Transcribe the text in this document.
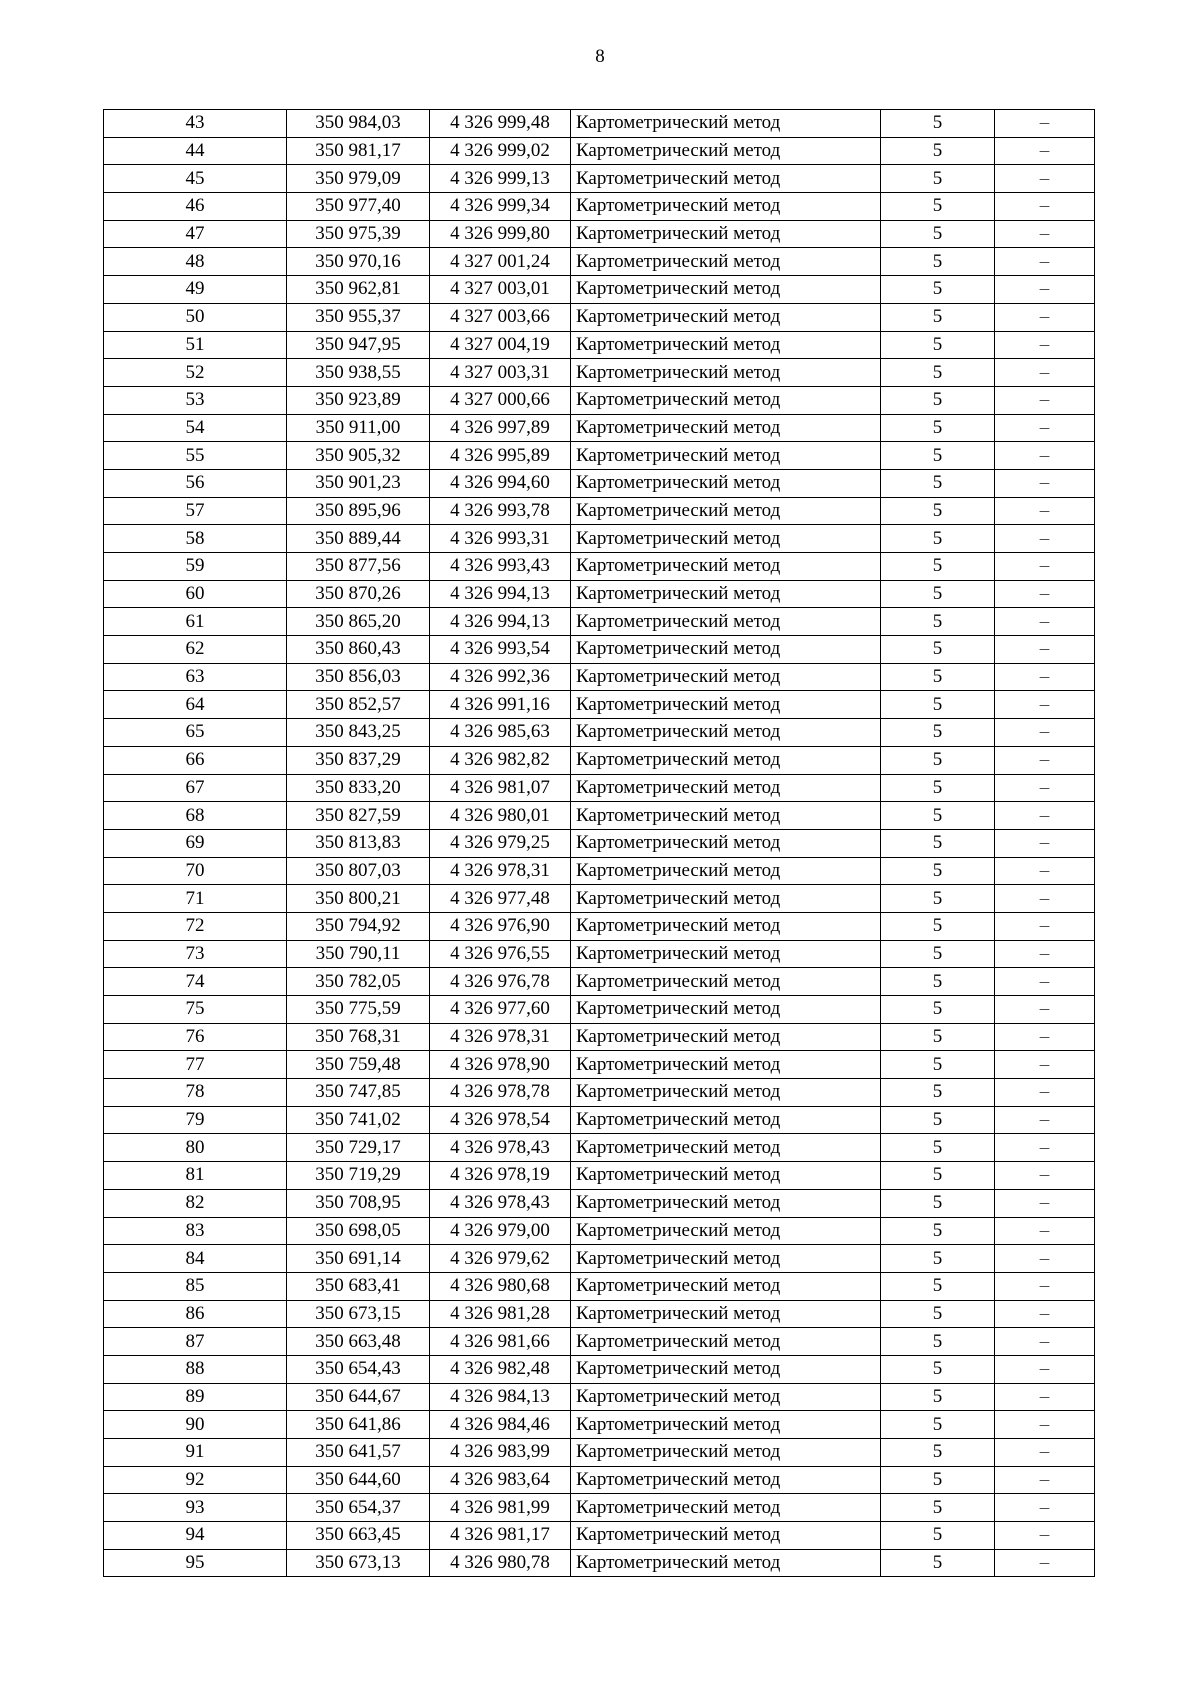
8
43	350 984,03	4 326 999,48	Картометрический метод	5	–
44	350 981,17	4 326 999,02	Картометрический метод	5	–
45	350 979,09	4 326 999,13	Картометрический метод	5	–
46	350 977,40	4 326 999,34	Картометрический метод	5	–
47	350 975,39	4 326 999,80	Картометрический метод	5	–
48	350 970,16	4 327 001,24	Картометрический метод	5	–
49	350 962,81	4 327 003,01	Картометрический метод	5	–
50	350 955,37	4 327 003,66	Картометрический метод	5	–
51	350 947,95	4 327 004,19	Картометрический метод	5	–
52	350 938,55	4 327 003,31	Картометрический метод	5	–
53	350 923,89	4 327 000,66	Картометрический метод	5	–
54	350 911,00	4 326 997,89	Картометрический метод	5	–
55	350 905,32	4 326 995,89	Картометрический метод	5	–
56	350 901,23	4 326 994,60	Картометрический метод	5	–
57	350 895,96	4 326 993,78	Картометрический метод	5	–
58	350 889,44	4 326 993,31	Картометрический метод	5	–
59	350 877,56	4 326 993,43	Картометрический метод	5	–
60	350 870,26	4 326 994,13	Картометрический метод	5	–
61	350 865,20	4 326 994,13	Картометрический метод	5	–
62	350 860,43	4 326 993,54	Картометрический метод	5	–
63	350 856,03	4 326 992,36	Картометрический метод	5	–
64	350 852,57	4 326 991,16	Картометрический метод	5	–
65	350 843,25	4 326 985,63	Картометрический метод	5	–
66	350 837,29	4 326 982,82	Картометрический метод	5	–
67	350 833,20	4 326 981,07	Картометрический метод	5	–
68	350 827,59	4 326 980,01	Картометрический метод	5	–
69	350 813,83	4 326 979,25	Картометрический метод	5	–
70	350 807,03	4 326 978,31	Картометрический метод	5	–
71	350 800,21	4 326 977,48	Картометрический метод	5	–
72	350 794,92	4 326 976,90	Картометрический метод	5	–
73	350 790,11	4 326 976,55	Картометрический метод	5	–
74	350 782,05	4 326 976,78	Картометрический метод	5	–
75	350 775,59	4 326 977,60	Картометрический метод	5	–
76	350 768,31	4 326 978,31	Картометрический метод	5	–
77	350 759,48	4 326 978,90	Картометрический метод	5	–
78	350 747,85	4 326 978,78	Картометрический метод	5	–
79	350 741,02	4 326 978,54	Картометрический метод	5	–
80	350 729,17	4 326 978,43	Картометрический метод	5	–
81	350 719,29	4 326 978,19	Картометрический метод	5	–
82	350 708,95	4 326 978,43	Картометрический метод	5	–
83	350 698,05	4 326 979,00	Картометрический метод	5	–
84	350 691,14	4 326 979,62	Картометрический метод	5	–
85	350 683,41	4 326 980,68	Картометрический метод	5	–
86	350 673,15	4 326 981,28	Картометрический метод	5	–
87	350 663,48	4 326 981,66	Картометрический метод	5	–
88	350 654,43	4 326 982,48	Картометрический метод	5	–
89	350 644,67	4 326 984,13	Картометрический метод	5	–
90	350 641,86	4 326 984,46	Картометрический метод	5	–
91	350 641,57	4 326 983,99	Картометрический метод	5	–
92	350 644,60	4 326 983,64	Картометрический метод	5	–
93	350 654,37	4 326 981,99	Картометрический метод	5	–
94	350 663,45	4 326 981,17	Картометрический метод	5	–
95	350 673,13	4 326 980,78	Картометрический метод	5	–
